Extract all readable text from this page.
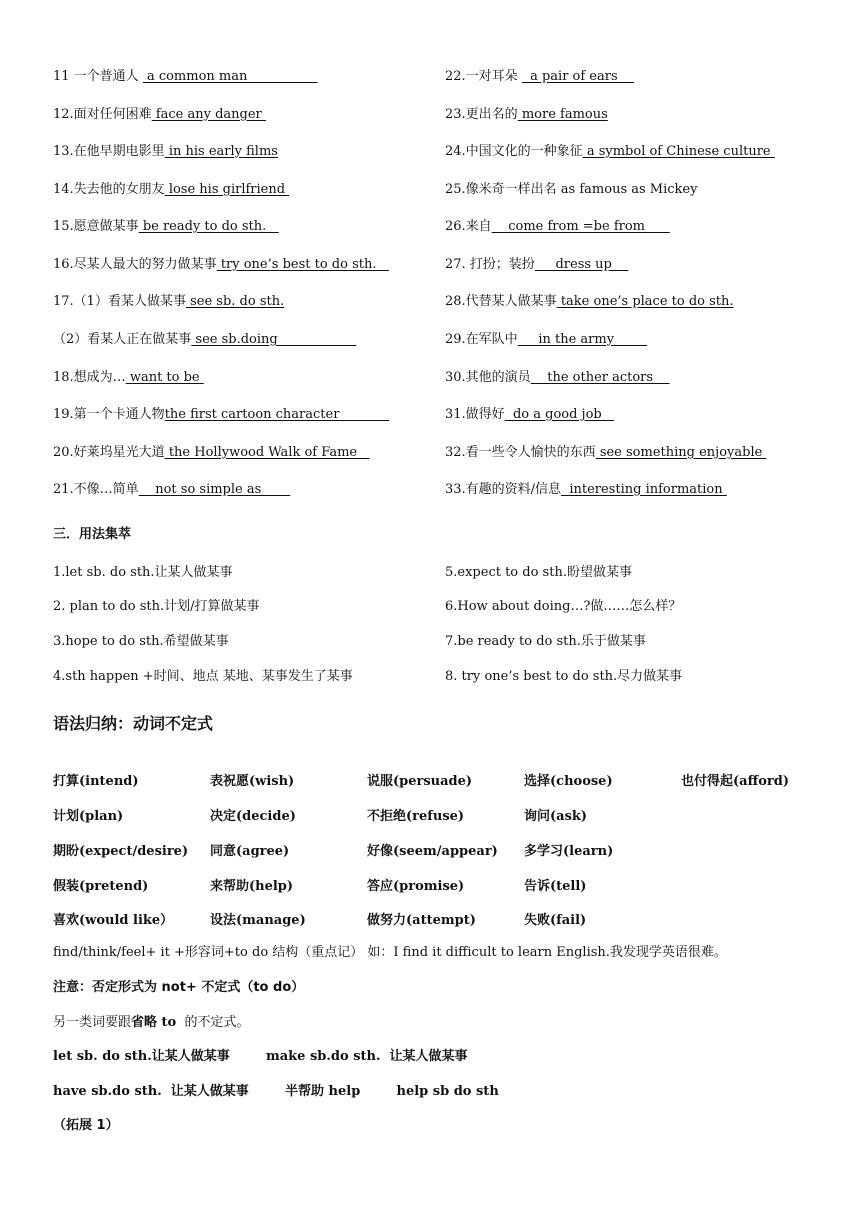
11 一个普通人  a common man
12.面对任何困难 face any danger
13.在他早期电影里 in his early films
14.失去他的女朋友 lose his girlfriend
15.愿意做某事 be ready to do sth.
16.尽某人最大的努力做某事 try one’s best to do sth.
17.（1）看某人做某事 see sb. do sth.
（2）看某人正在做某事 see sb.doing
18.想成为… want to be
19.第一个卡通人物the first cartoon character
20.好莱坞星光大道 the Hollywood Walk of Fame
21.不像…简单    not so simple as
22.一对耳朵   a pair of ears
23.更出名的 more famous
24.中国文化的一种象征 a symbol of Chinese culture
25.像米奇一样出名 as famous as Mickey
26.来自    come from =be from
27. 打扮；装扮     dress up
28.代替某人做某事 take one’s place to do sth.
29.在军队中     in the army
30.其他的演员    the other actors
31.做得好  do a good job
32.看一些令人愉快的东西 see something enjoyable
33.有趣的资料/信息  interesting information
三．用法集萃
1.let sb. do sth.让某人做某事
2. plan to do sth.计划/打算做某事
3.hope to do sth.希望做某事
4.sth happen +时间、地点 某地、某事发生了某事
5.expect to do sth.盼望做某事
6.How about doing…?做……怎么样？
7.be ready to do sth.乐于做某事
8. try one’s best to do sth.尽力做某事
语法归纳：动词不定式
打算(intend)	表祝愿(wish)	说服(persuade)	选择(choose)	也付得起(afford)
计划(plan)	决定(decide)	不拒绝(refuse)	询问(ask)
期盼(expect/desire) 同意(agree)	好像(seem/appear) 多学习(learn)
假装(pretend)	来帮助(help)	答应(promise)	告诉(tell)
喜欢(would like）	设法(manage)	做努力(attempt)	失败(fail)
find/think/feel+ it +形容词+to do 结构（重点记） 如：I find it difficult to learn English.我发现学英语很难。
注意：否定形式为 not+ 不定式（to do）
另一类词要跟省略 to  的不定式。
let sb. do sth.让某人做某事        make sb.do sth.  让某人做某事
have sb.do sth.  让某人做某事        半帮助 help        help sb do sth
（拓展 1）
